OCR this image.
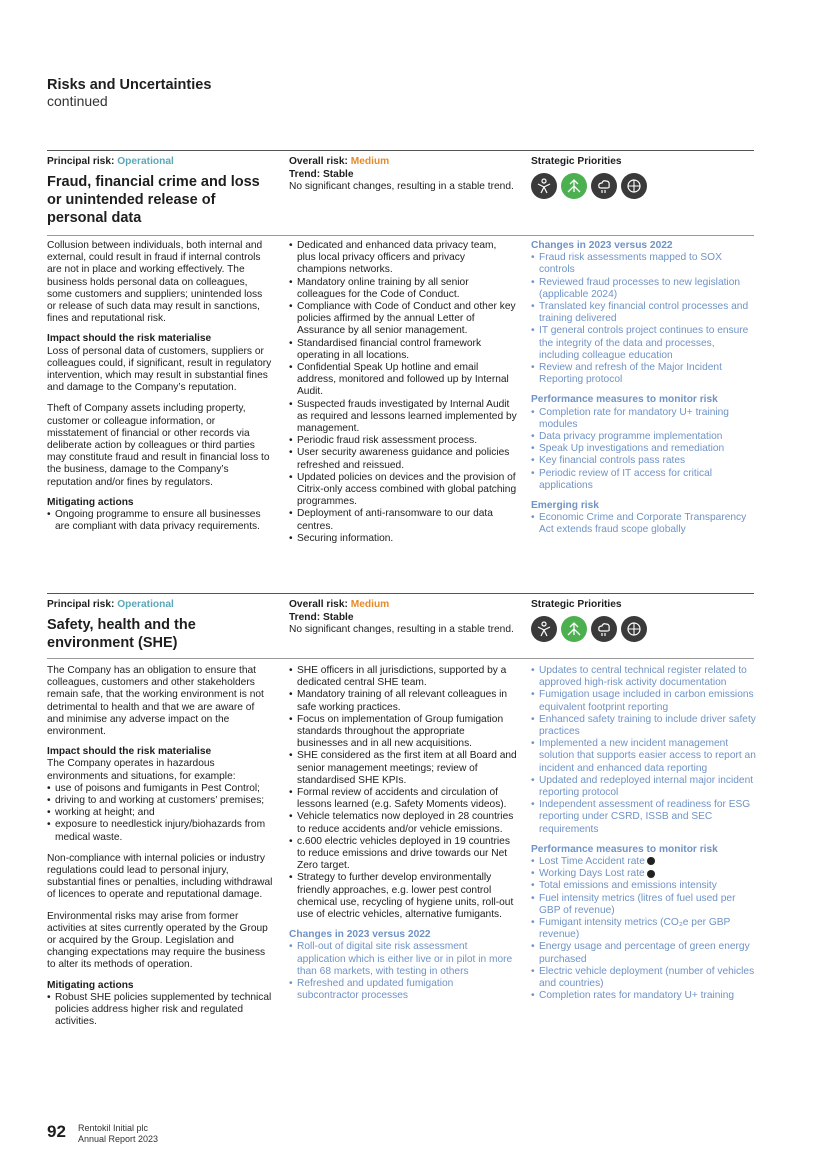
Risks and Uncertainties
continued
Principal risk: Operational
Fraud, financial crime and loss or unintended release of personal data
Overall risk: Medium
Trend: Stable
No significant changes, resulting in a stable trend.
Strategic Priorities

Collusion between individuals, both internal and external, could result in fraud if internal controls are not in place and working effectively. The business holds personal data on colleagues, some customers and suppliers; unintended loss or release of such data may result in sanctions, fines and reputational risk.

Impact should the risk materialise

Loss of personal data of customers, suppliers or colleagues could, if significant, result in regulatory intervention, which may result in substantial fines and damage to the Company’s reputation.

Theft of Company assets including property, customer or colleague information, or misstatement of financial or other records via deliberate action by colleagues or third parties may constitute fraud and result in financial loss to the business, damage to the Company’s reputation and/or fines by regulators.

Mitigating actions
• Ongoing programme to ensure all businesses are compliant with data privacy requirements.
• Dedicated and enhanced data privacy team, plus local privacy officers and privacy champions networks.
• Mandatory online training by all senior colleagues for the Code of Conduct.
• Compliance with Code of Conduct and other key policies affirmed by the annual Letter of Assurance by all senior management.
• Standardised financial control framework operating in all locations.
• Confidential Speak Up hotline and email address, monitored and followed up by Internal Audit.
• Suspected frauds investigated by Internal Audit as required and lessons learned implemented by management.
• Periodic fraud risk assessment process.
• User security awareness guidance and policies refreshed and reissued.
• Updated policies on devices and the provision of Citrix-only access combined with global patching programmes.
• Deployment of anti-ransomware to our data centres.
• Securing information.
Changes in 2023 versus 2022
• Fraud risk assessments mapped to SOX controls
• Reviewed fraud processes to new legislation (applicable 2024)
• Translated key financial control processes and training delivered
• IT general controls project continues to ensure the integrity of the data and processes, including colleague education
• Review and refresh of the Major Incident Reporting protocol
Performance measures to monitor risk
• Completion rate for mandatory U+ training modules
• Data privacy programme implementation
• Speak Up investigations and remediation
• Key financial controls pass rates
• Periodic review of IT access for critical applications
Emerging risk
• Economic Crime and Corporate Transparency Act extends fraud scope globally
Principal risk: Operational
Safety, health and the environment (SHE)
Overall risk: Medium
Trend: Stable
No significant changes, resulting in a stable trend.
Strategic Priorities

The Company has an obligation to ensure that colleagues, customers and other stakeholders remain safe, that the working environment is not detrimental to health and that we are aware of and minimise any adverse impact on the environment.

Impact should the risk materialise

The Company operates in hazardous environments and situations, for example:

• use of poisons and fumigants in Pest Control;
• driving to and working at customers’ premises;
• working at height; and
• exposure to needlestick injury/biohazards from medical waste.

Non-compliance with internal policies or industry regulations could lead to personal injury, substantial fines or penalties, including withdrawal of licences to operate and reputational damage.

Environmental risks may arise from former activities at sites currently operated by the Group or acquired by the Group. Legislation and changing expectations may require the business to alter its methods of operation.

Mitigating actions
• Robust SHE policies supplemented by technical policies address higher risk and regulated activities.
• SHE officers in all jurisdictions, supported by a dedicated central SHE team.
• Mandatory training of all relevant colleagues in safe working practices.
• Focus on implementation of Group fumigation standards throughout the appropriate businesses and in all new acquisitions.
• SHE considered as the first item at all Board and senior management meetings; review of standardised SHE KPIs.
• Formal review of accidents and circulation of lessons learned (e.g. Safety Moments videos).
• Vehicle telematics now deployed in 28 countries to reduce accidents and/or vehicle emissions.
• c.600 electric vehicles deployed in 19 countries to reduce emissions and drive towards our Net Zero target.
• Strategy to further develop environmentally friendly approaches, e.g. lower pest control chemical use, recycling of hygiene units, roll-out use of electric vehicles, alternative fumigants.
Changes in 2023 versus 2022
• Roll-out of digital site risk assessment application which is either live or in pilot in more than 68 markets, with testing in others
• Refreshed and updated fumigation subcontractor processes
• Updates to central technical register related to approved high-risk activity documentation
• Fumigation usage included in carbon emissions equivalent footprint reporting
• Enhanced safety training to include driver safety practices
• Implemented a new incident management solution that supports easier access to report an incident and enhanced data reporting
• Updated and redeployed internal major incident reporting protocol
• Independent assessment of readiness for ESG reporting under CSRD, ISSB and SEC requirements
Performance measures to monitor risk
• Lost Time Accident rate
• Working Days Lost rate
• Total emissions and emissions intensity
• Fuel intensity metrics (litres of fuel used per GBP of revenue)
• Fumigant intensity metrics (CO₂e per GBP revenue)
• Energy usage and percentage of green energy purchased
• Electric vehicle deployment (number of vehicles and countries)
• Completion rates for mandatory U+ training
92 Rentokil Initial plc
Annual Report 2023
